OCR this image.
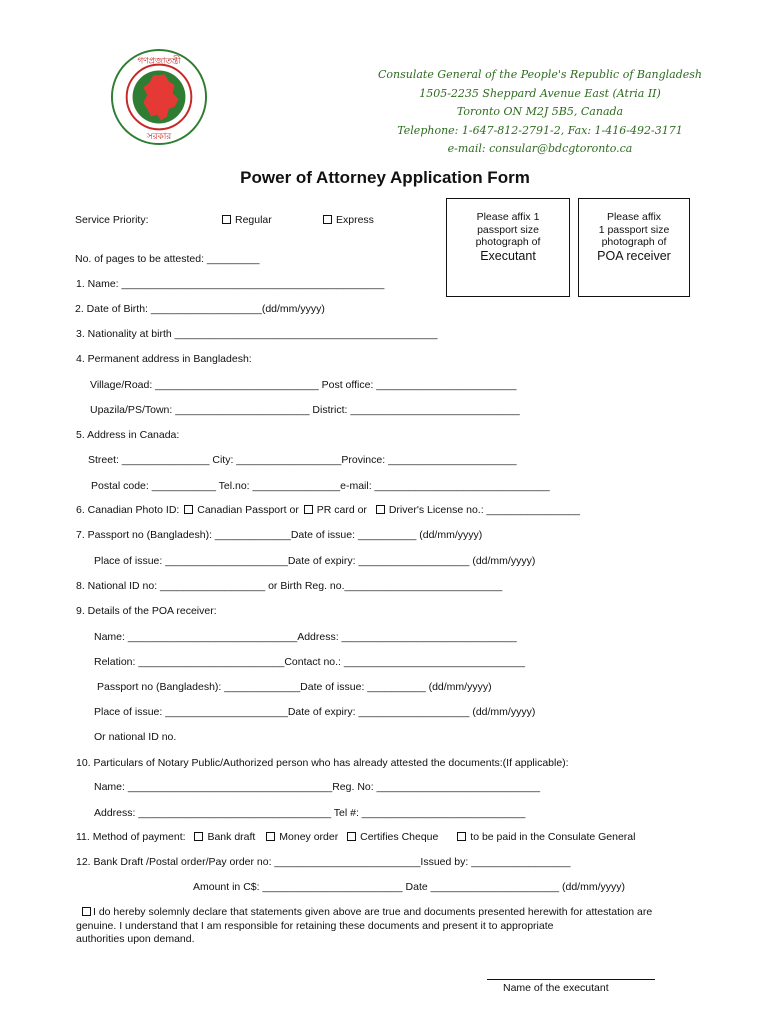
গণপ্রজাতন্ত্রী
সরকার
Consulate General of the People's Republic of Bangladesh
1505-2235 Sheppard Avenue East (Atria II)
Toronto ON M2J 5B5, Canada
Telephone: 1-647-812-2791-2, Fax: 1-416-492-3171
e-mail: consular@bdcgtoronto.ca
Power of Attorney Application Form
Service Priority:	Regular	Express
No. of pages to be attested: _________
Please affix 1
passport size
photograph of
Executant
Please affix
1 passport size
photograph of
POA receiver
1. Name: _____________________________________________
2. Date of Birth: ___________________(dd/mm/yyyy)
3. Nationality at birth _____________________________________________
4. Permanent address in Bangladesh:
Village/Road: ____________________________ Post office: ________________________
Upazila/PS/Town: _______________________ District: _____________________________
5. Address in Canada:
Street: _______________ City: __________________Province: ______________________
Postal code: ___________ Tel.no: _______________e-mail: ______________________________
6. Canadian Photo ID: Canadian Passport or PR card or Driver's License no.: ________________
7. Passport no (Bangladesh): _____________Date of issue: __________ (dd/mm/yyyy)
Place of issue: _____________________Date of expiry: ___________________ (dd/mm/yyyy)
8. National ID no: __________________ or Birth Reg. no.___________________________
9. Details of the POA receiver:
Name: _____________________________Address: ______________________________
Relation: _________________________Contact no.: _______________________________
Passport no (Bangladesh): _____________Date of issue: __________ (dd/mm/yyyy)
Place of issue: _____________________Date of expiry: ___________________ (dd/mm/yyyy)
Or national ID no.
10. Particulars of Notary Public/Authorized person who has already attested the documents:(If applicable):
Name: ___________________________________Reg. No: ____________________________
Address: _________________________________ Tel #: ____________________________
11. Method of payment: Bank draft Money order Certifies Cheque	to be paid in the Consulate General
12. Bank Draft /Postal order/Pay order no: _________________________Issued by: _________________
Amount in C$: ________________________ Date ______________________ (dd/mm/yyyy)
I do hereby solemnly declare that statements given above are true and documents presented herewith for attestation are
genuine. I understand that I am responsible for retaining these documents and present it to appropriate
authorities upon demand.
Name of the executant
